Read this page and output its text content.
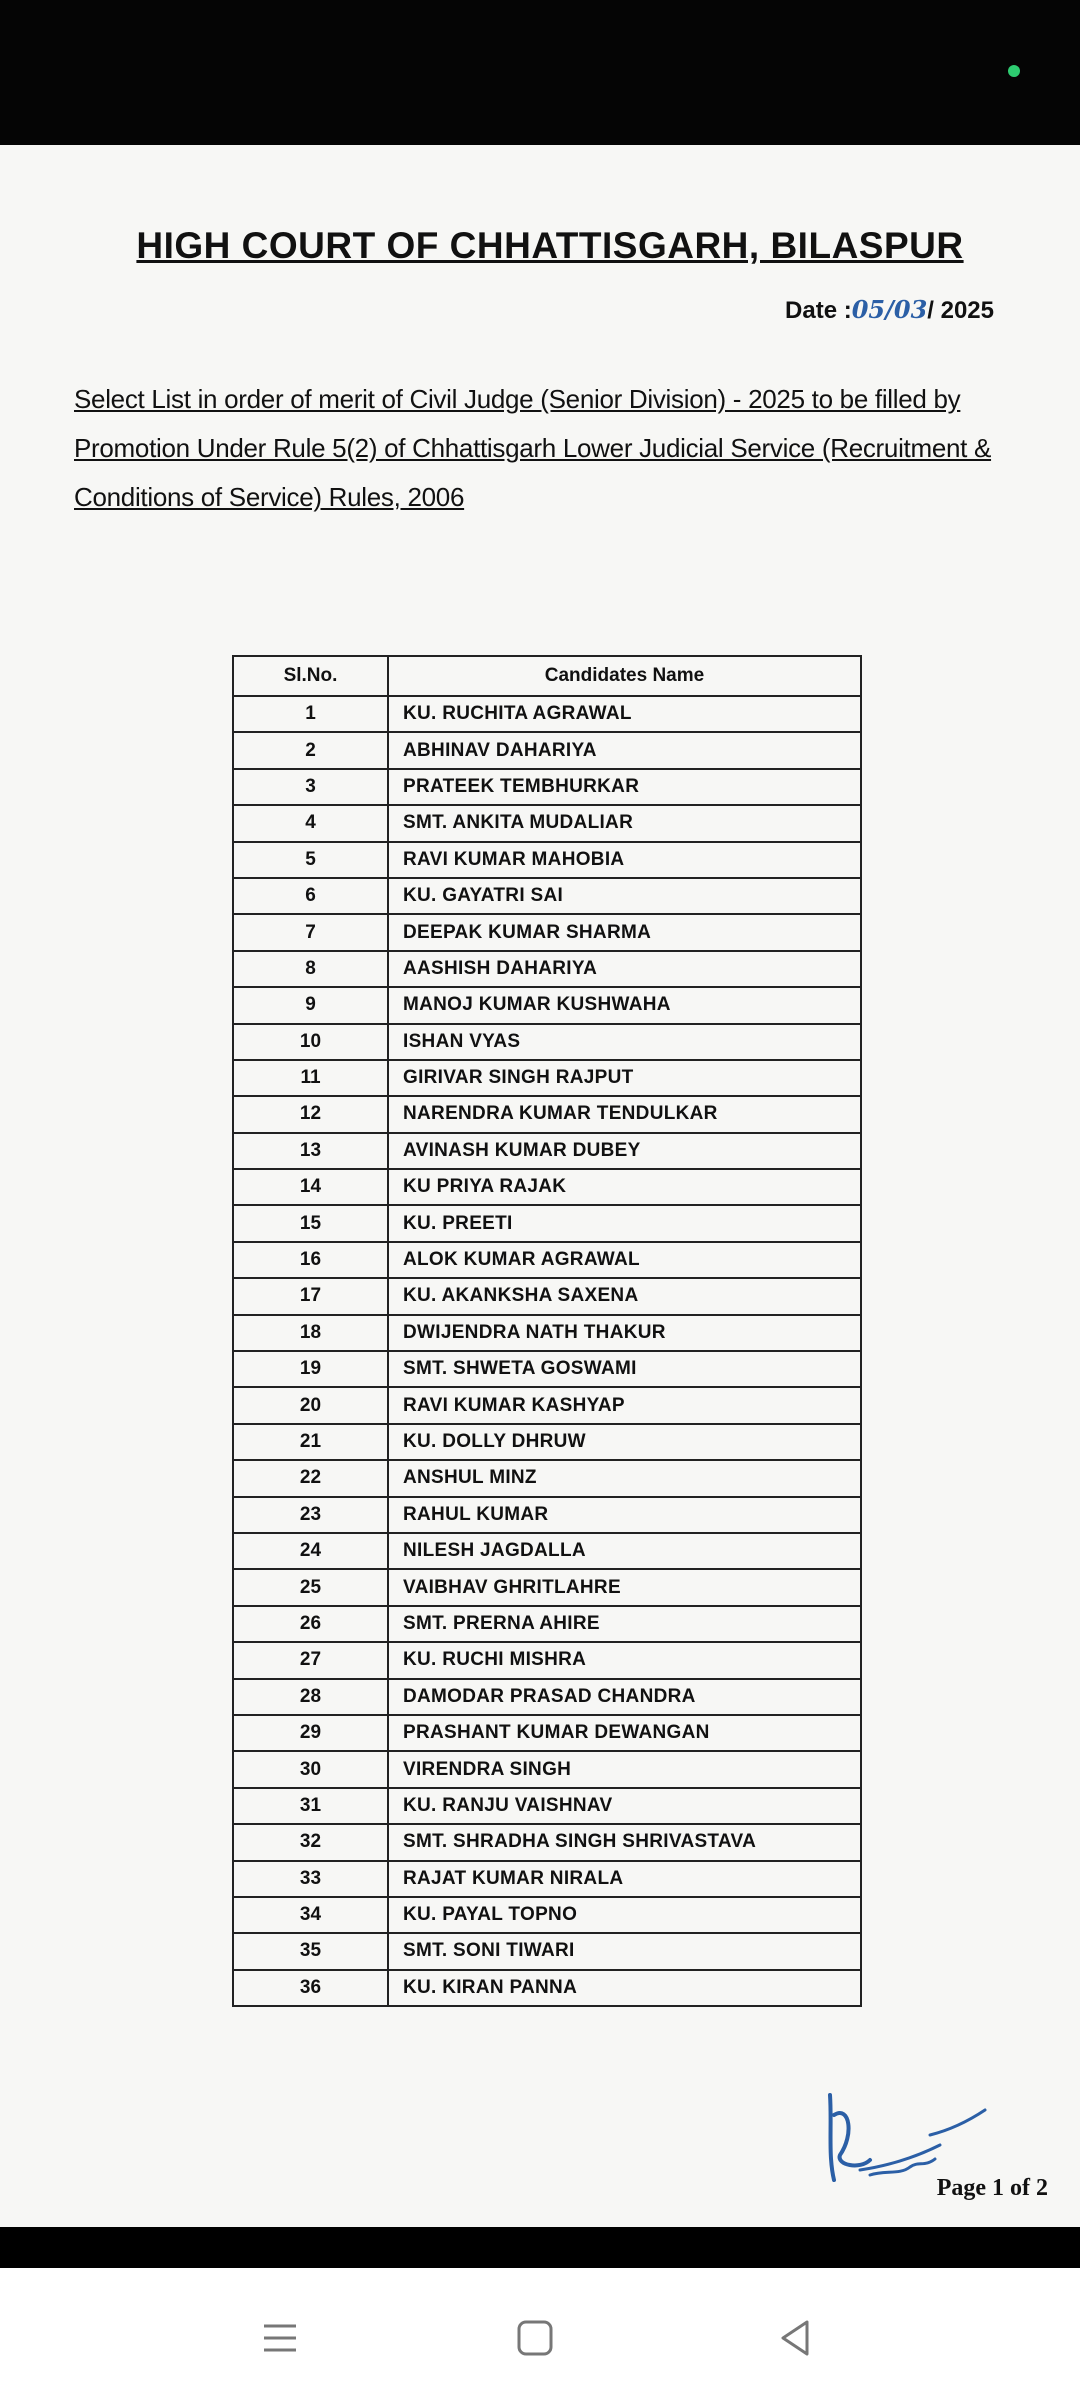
HIGH COURT OF CHHATTISGARH, BILASPUR
Date :05/03/ 2025
Select List in order of merit of Civil Judge (Senior Division) - 2025 to be filled by Promotion Under Rule 5(2) of Chhattisgarh Lower Judicial Service (Recruitment & Conditions of Service) Rules, 2006
Sl.No.	Candidates Name
1	KU. RUCHITA AGRAWAL
2	ABHINAV DAHARIYA
3	PRATEEK TEMBHURKAR
4	SMT. ANKITA MUDALIAR
5	RAVI KUMAR MAHOBIA
6	KU. GAYATRI SAI
7	DEEPAK KUMAR SHARMA
8	AASHISH DAHARIYA
9	MANOJ KUMAR KUSHWAHA
10	ISHAN VYAS
11	GIRIVAR SINGH RAJPUT
12	NARENDRA KUMAR TENDULKAR
13	AVINASH KUMAR DUBEY
14	KU PRIYA RAJAK
15	KU. PREETI
16	ALOK KUMAR AGRAWAL
17	KU. AKANKSHA SAXENA
18	DWIJENDRA NATH THAKUR
19	SMT. SHWETA GOSWAMI
20	RAVI KUMAR KASHYAP
21	KU. DOLLY DHRUW
22	ANSHUL MINZ
23	RAHUL KUMAR
24	NILESH JAGDALLA
25	VAIBHAV GHRITLAHRE
26	SMT. PRERNA AHIRE
27	KU. RUCHI MISHRA
28	DAMODAR PRASAD CHANDRA
29	PRASHANT KUMAR DEWANGAN
30	VIRENDRA SINGH
31	KU. RANJU VAISHNAV
32	SMT. SHRADHA SINGH SHRIVASTAVA
33	RAJAT KUMAR NIRALA
34	KU. PAYAL TOPNO
35	SMT. SONI TIWARI
36	KU. KIRAN PANNA
Page 1 of 2
